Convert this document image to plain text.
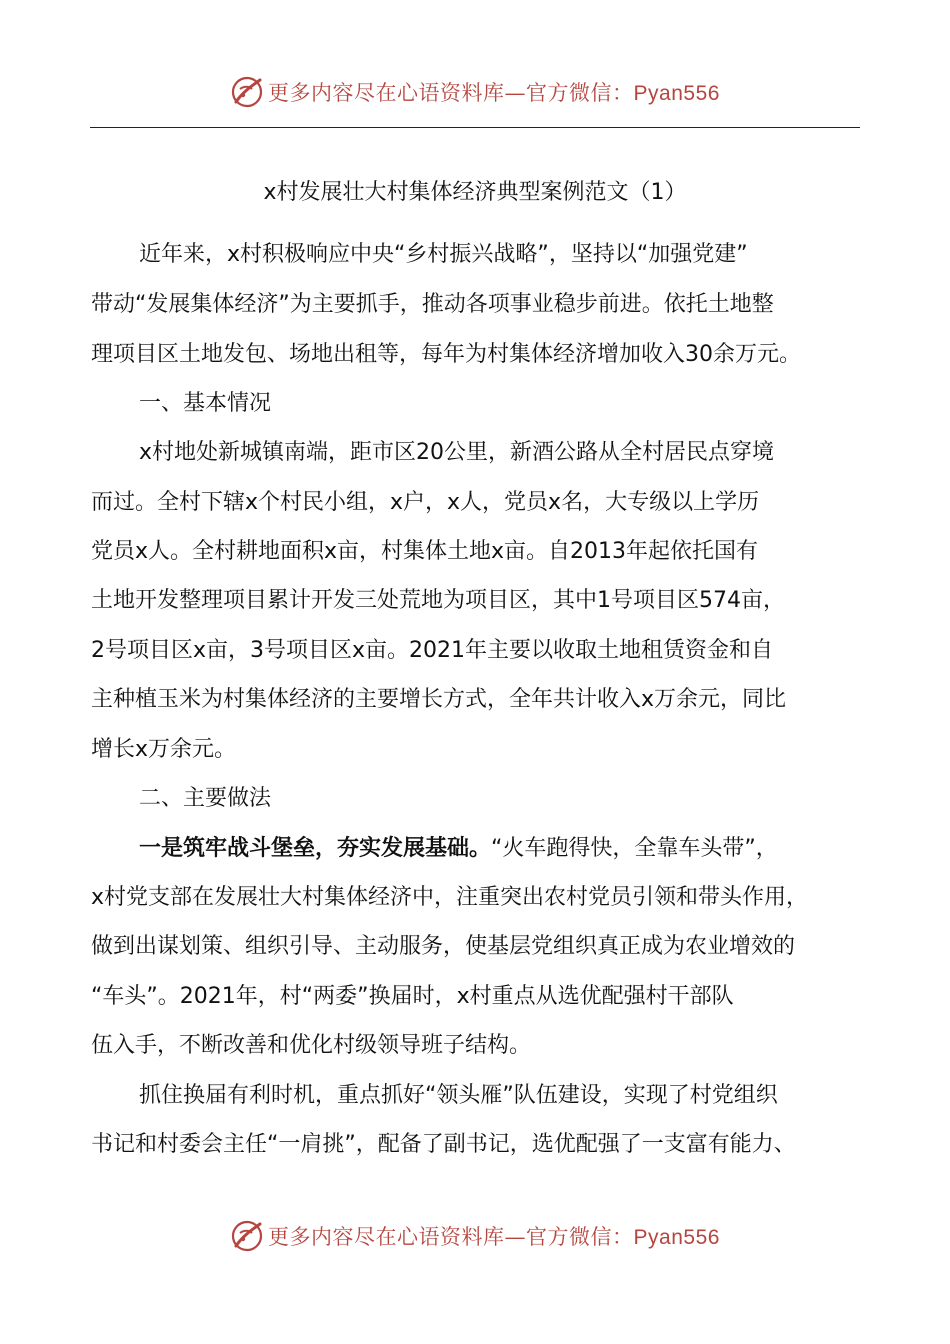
更多内容尽在心语资料库—官方微信：Pyan556
x村发展壮大村集体经济典型案例范文（1）
近年来，x村积极响应中央“乡村振兴战略”，坚持以“加强党建”
带动“发展集体经济”为主要抓手，推动各项事业稳步前进。依托土地整
理项目区土地发包、场地出租等，每年为村集体经济增加收入30余万元。
一、基本情况
x村地处新城镇南端，距市区20公里，新酒公路从全村居民点穿境
而过。全村下辖x个村民小组，x户，x人，党员x名，大专级以上学历
党员x人。全村耕地面积x亩，村集体土地x亩。自2013年起依托国有
土地开发整理项目累计开发三处荒地为项目区，其中1号项目区574亩，
2号项目区x亩，3号项目区x亩。2021年主要以收取土地租赁资金和自
主种植玉米为村集体经济的主要增长方式，全年共计收入x万余元，同比
增长x万余元。
二、主要做法
一是筑牢战斗堡垒，夯实发展基础。“火车跑得快，全靠车头带”，
x村党支部在发展壮大村集体经济中，注重突出农村党员引领和带头作用，
做到出谋划策、组织引导、主动服务，使基层党组织真正成为农业增效的
“车头”。2021年，村“两委”换届时，x村重点从选优配强村干部队
伍入手，不断改善和优化村级领导班子结构。
抓住换届有利时机，重点抓好“领头雁”队伍建设，实现了村党组织
书记和村委会主任“一肩挑”，配备了副书记，选优配强了一支富有能力、
更多内容尽在心语资料库—官方微信：Pyan556
